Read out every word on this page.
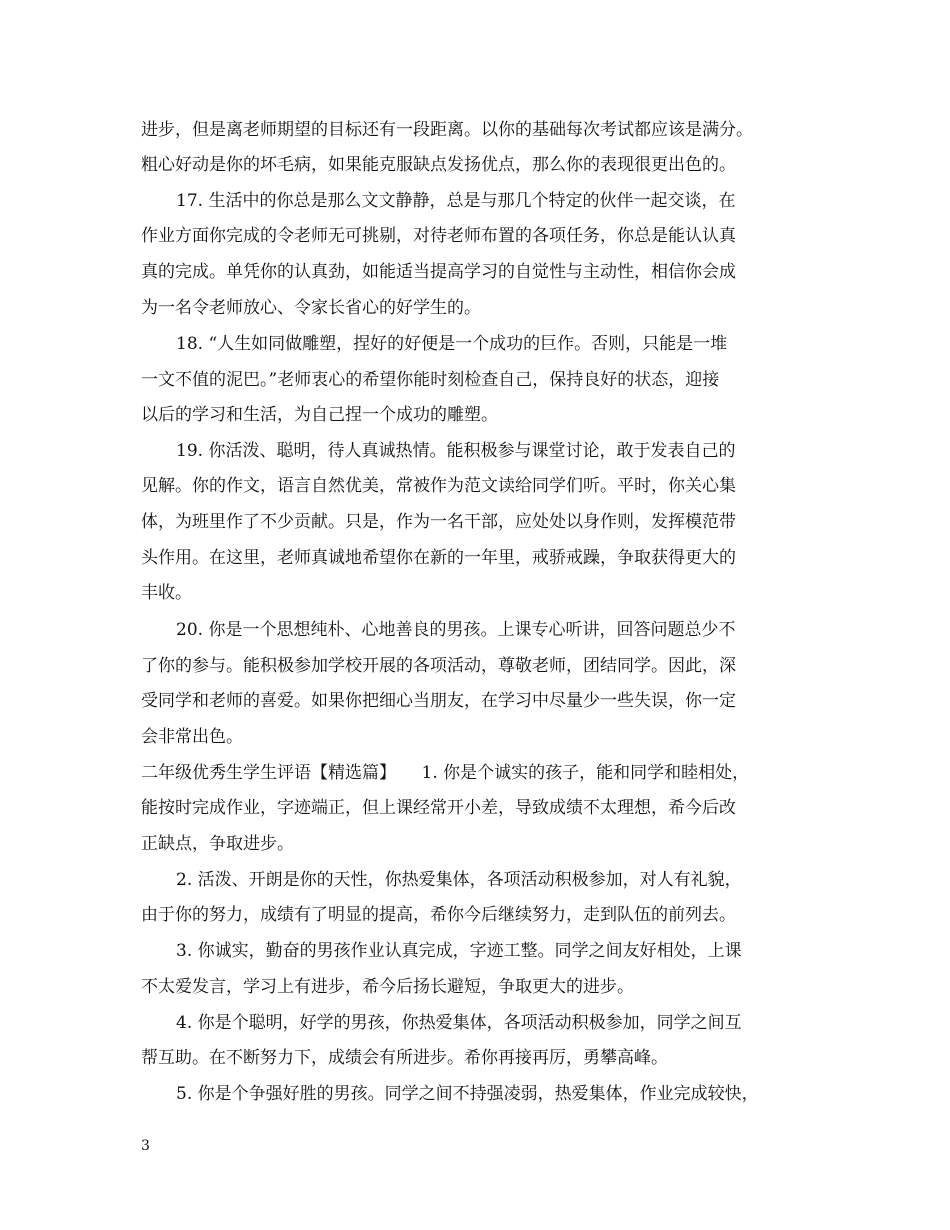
进步，但是离老师期望的目标还有一段距离。以你的基础每次考试都应该是满分。
粗心好动是你的坏毛病，如果能克服缺点发扬优点，那么你的表现很更出色的。
17. 生活中的你总是那么文文静静，总是与那几个特定的伙伴一起交谈，在
作业方面你完成的令老师无可挑剔，对待老师布置的各项任务，你总是能认认真
真的完成。单凭你的认真劲，如能适当提高学习的自觉性与主动性，相信你会成
为一名令老师放心、令家长省心的好学生的。
18. “人生如同做雕塑，捏好的好便是一个成功的巨作。否则，只能是一堆
一文不值的泥巴。”老师衷心的希望你能时刻检查自己，保持良好的状态，迎接
以后的学习和生活，为自己捏一个成功的雕塑。
19. 你活泼、聪明，待人真诚热情。能积极参与课堂讨论，敢于发表自己的
见解。你的作文，语言自然优美，常被作为范文读给同学们听。平时，你关心集
体，为班里作了不少贡献。只是，作为一名干部，应处处以身作则，发挥模范带
头作用。在这里，老师真诚地希望你在新的一年里，戒骄戒躁，争取获得更大的
丰收。
20. 你是一个思想纯朴、心地善良的男孩。上课专心听讲，回答问题总少不
了你的参与。能积极参加学校开展的各项活动，尊敬老师，团结同学。因此，深
受同学和老师的喜爱。如果你把细心当朋友，在学习中尽量少一些失误，你一定
会非常出色。
二年级优秀生学生评语【精选篇】　　1. 你是个诚实的孩子，能和同学和睦相处，
能按时完成作业，字迹端正，但上课经常开小差，导致成绩不太理想，希今后改
正缺点，争取进步。
2. 活泼、开朗是你的天性，你热爱集体，各项活动积极参加，对人有礼貌，
由于你的努力，成绩有了明显的提高，希你今后继续努力，走到队伍的前列去。
3. 你诚实，勤奋的男孩作业认真完成，字迹工整。同学之间友好相处，上课
不太爱发言，学习上有进步，希今后扬长避短，争取更大的进步。
4. 你是个聪明，好学的男孩，你热爱集体，各项活动积极参加，同学之间互
帮互助。在不断努力下，成绩会有所进步。希你再接再厉，勇攀高峰。
5. 你是个争强好胜的男孩。同学之间不持强凌弱，热爱集体，作业完成较快，
3
